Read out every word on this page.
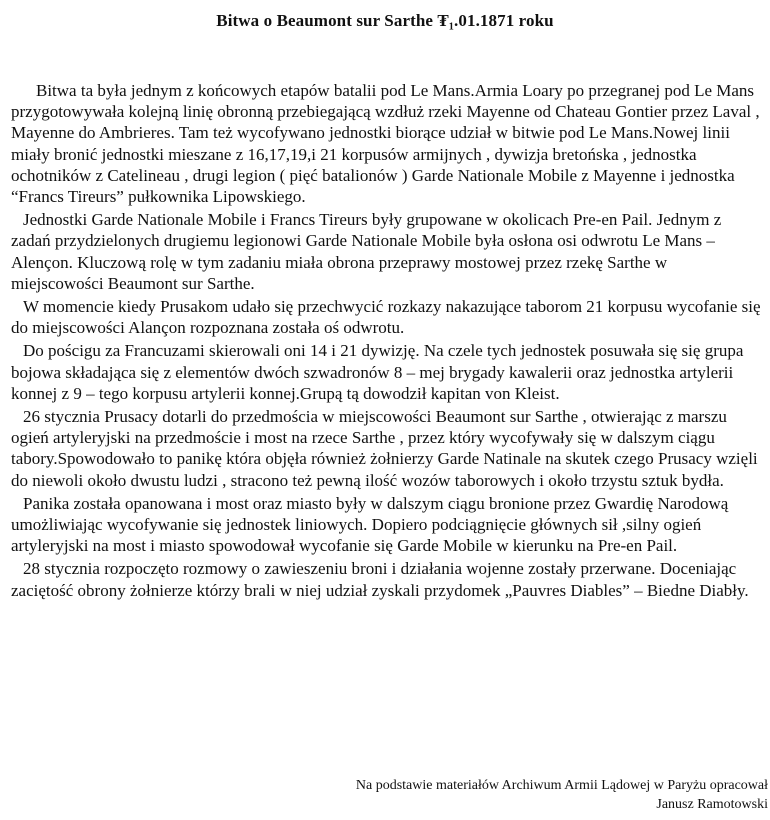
Bitwa o Beaumont sur Sarthe ₮₁.01.1871 roku

Bitwa ta była jednym z końcowych etapów batalii pod Le Mans.Armia Loary po przegranej pod Le Mans przygotowywała kolejną linię obronną przebiegającą wzdłuż rzeki Mayenne od Chateau Gontier przez Laval , Mayenne do Ambrieres. Tam też wycofywano jednostki biorące udział w bitwie pod Le Mans.Nowej linii miały bronić jednostki mieszane z 16,17,19,i 21 korpusów armijnych , dywizja bretońska , jednostka ochotników z Catelineau , drugi legion ( pięć batalionów ) Garde Nationale Mobile z Mayenne i jednostka “Francs Tireurs” pułkownika Lipowskiego.

Jednostki Garde Nationale Mobile i Francs Tireurs były grupowane w okolicach Pre-en Pail. Jednym z zadań przydzielonych drugiemu legionowi Garde Nationale Mobile była osłona osi odwrotu Le Mans – Alençon. Kluczową rolę w tym zadaniu miała obrona przeprawy mostowej przez rzekę Sarthe w miejscowości Beaumont sur Sarthe.

W momencie kiedy Prusakom udało się przechwycić rozkazy nakazujące taborom 21 korpusu wycofanie się do miejscowości Alançon rozpoznana została oś odwrotu.

Do pościgu za Francuzami skierowali oni 14 i 21 dywizję. Na czele tych jednostek posuwała się się grupa bojowa składająca się z elementów dwóch szwadronów 8 – mej brygady kawalerii oraz jednostka artylerii konnej z 9 – tego korpusu artylerii konnej.Grupą tą dowodził kapitan von Kleist.

26 stycznia Prusacy dotarli do przedmościa w miejscowości Beaumont sur Sarthe , otwierając z marszu ogień artyleryjski na przedmoście i most na rzece Sarthe , przez który wycofywały się w dalszym ciągu tabory.Spowodowało to panikę która objęła również żołnierzy Garde Natinale na skutek czego Prusacy wzięli do niewoli około dwustu ludzi , stracono też pewną ilość wozów taborowych i około trzystu sztuk bydła.

Panika została opanowana i most oraz miasto były w dalszym ciągu bronione przez Gwardię Narodową umożliwiając wycofywanie się jednostek liniowych. Dopiero podciągnięcie głównych sił ,silny ogień artyleryjski na most i miasto spowodował wycofanie się Garde Mobile w kierunku na Pre-en Pail.

28 stycznia rozpoczęto rozmowy o zawieszeniu broni i działania wojenne zostały przerwane. Doceniając zaciętość obrony żołnierze którzy brali w niej udział zyskali przydomek „Pauvres Diables” – Biedne Diabły.

Na podstawie materiałów Archiwum Armii Lądowej w Paryżu opracował
Janusz Ramotowski
